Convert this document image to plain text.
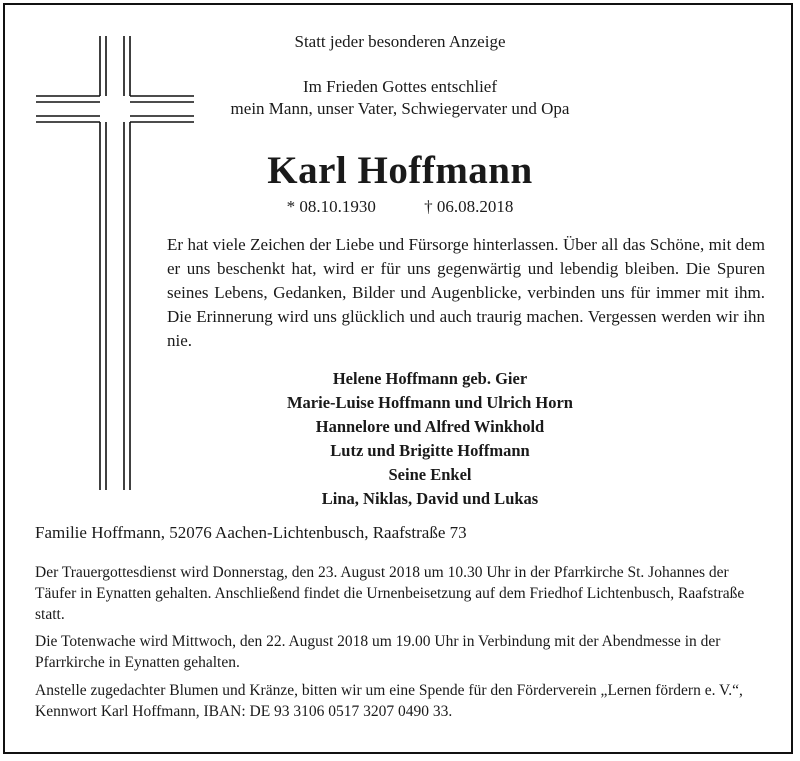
Statt jeder besonderen Anzeige
Im Frieden Gottes entschlief
mein Mann, unser Vater, Schwiegervater und Opa
Karl Hoffmann
* 08.10.1930	† 06.08.2018
Er hat viele Zeichen der Liebe und Fürsorge hinterlassen. Über all das Schöne, mit dem er uns beschenkt hat, wird er für uns gegenwärtig und lebendig bleiben. Die Spuren seines Lebens, Gedanken, Bilder und Augenblicke, verbinden uns für immer mit ihm. Die Erinnerung wird uns glücklich und auch traurig machen. Vergessen werden wir ihn nie.
Helene Hoffmann geb. Gier
Marie-Luise Hoffmann und Ulrich Horn
Hannelore und Alfred Winkhold
Lutz und Brigitte Hoffmann
Seine Enkel
Lina, Niklas, David und Lukas
Familie Hoffmann, 52076 Aachen-Lichtenbusch, Raafstraße 73
Der Trauergottesdienst wird Donnerstag, den 23. August 2018 um 10.30 Uhr in der Pfarrkirche St. Johannes der Täufer in Eynatten gehalten. Anschließend findet die Urnenbeisetzung auf dem Friedhof Lichtenbusch, Raafstraße statt.
Die Totenwache wird Mittwoch, den 22. August 2018 um 19.00 Uhr in Verbindung mit der Abendmesse in der Pfarrkirche in Eynatten gehalten.
Anstelle zugedachter Blumen und Kränze, bitten wir um eine Spende für den Förderverein „Lernen fördern e. V.“, Kennwort Karl Hoffmann, IBAN: DE 93 3106 0517 3207 0490 33.
